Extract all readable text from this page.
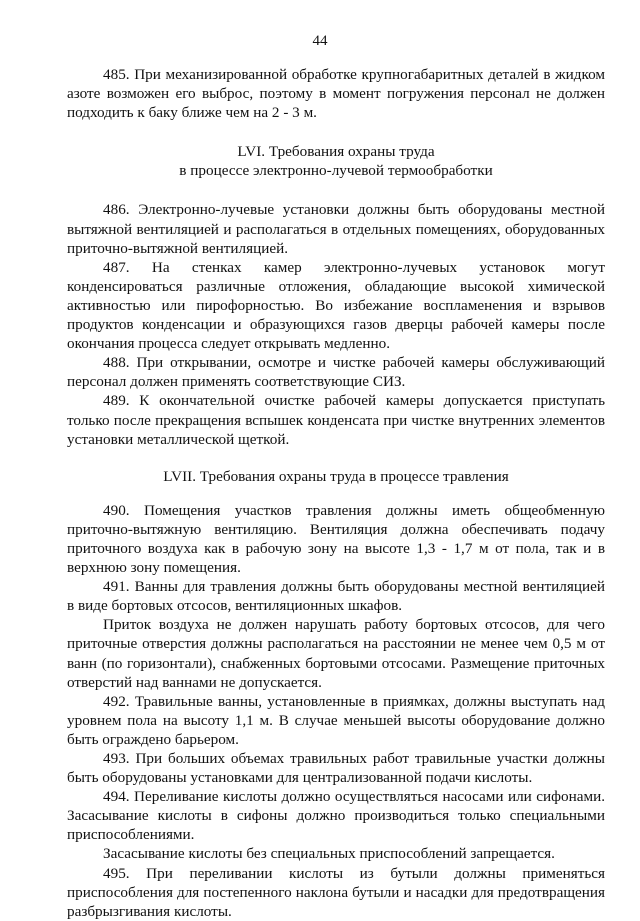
44

485. При механизированной обработке крупногабаритных деталей в жидком азоте возможен его выброс, поэтому в момент погружения персонал не должен подходить к баку ближе чем на 2 - 3 м.

LVI. Требования охраны труда

в процессе электронно-лучевой термообработки

486. Электронно-лучевые установки должны быть оборудованы местной вытяжной вентиляцией и располагаться в отдельных помещениях, оборудованных приточно-вытяжной вентиляцией.

487. На стенках камер электронно-лучевых установок могут конденсироваться различные отложения, обладающие высокой химической активностью или пирофорностью. Во избежание воспламенения и взрывов продуктов конденсации и образующихся газов дверцы рабочей камеры после окончания процесса следует открывать медленно.

488. При открывании, осмотре и чистке рабочей камеры обслуживающий персонал должен применять соответствующие СИЗ.

489. К окончательной очистке рабочей камеры допускается приступать только после прекращения вспышек конденсата при чистке внутренних элементов установки металлической щеткой.

LVII. Требования охраны труда в процессе травления

490. Помещения участков травления должны иметь общеобменную приточно-вытяжную вентиляцию. Вентиляция должна обеспечивать подачу приточного воздуха как в рабочую зону на высоте 1,3 - 1,7 м от пола, так и в верхнюю зону помещения.

491. Ванны для травления должны быть оборудованы местной вентиляцией в виде бортовых отсосов, вентиляционных шкафов.

Приток воздуха не должен нарушать работу бортовых отсосов, для чего приточные отверстия должны располагаться на расстоянии не менее чем 0,5 м от ванн (по горизонтали), снабженных бортовыми отсосами. Размещение приточных отверстий над ваннами не допускается.

492. Травильные ванны, установленные в приямках, должны выступать над уровнем пола на высоту 1,1 м. В случае меньшей высоты оборудование должно быть ограждено барьером.

493. При больших объемах травильных работ травильные участки должны быть оборудованы установками для централизованной подачи кислоты.

494. Переливание кислоты должно осуществляться насосами или сифонами. Засасывание кислоты в сифоны должно производиться только специальными приспособлениями.

Засасывание кислоты без специальных приспособлений запрещается.

495. При переливании кислоты из бутыли должны применяться приспособления для постепенного наклона бутыли и насадки для предотвращения разбрызгивания кислоты.
